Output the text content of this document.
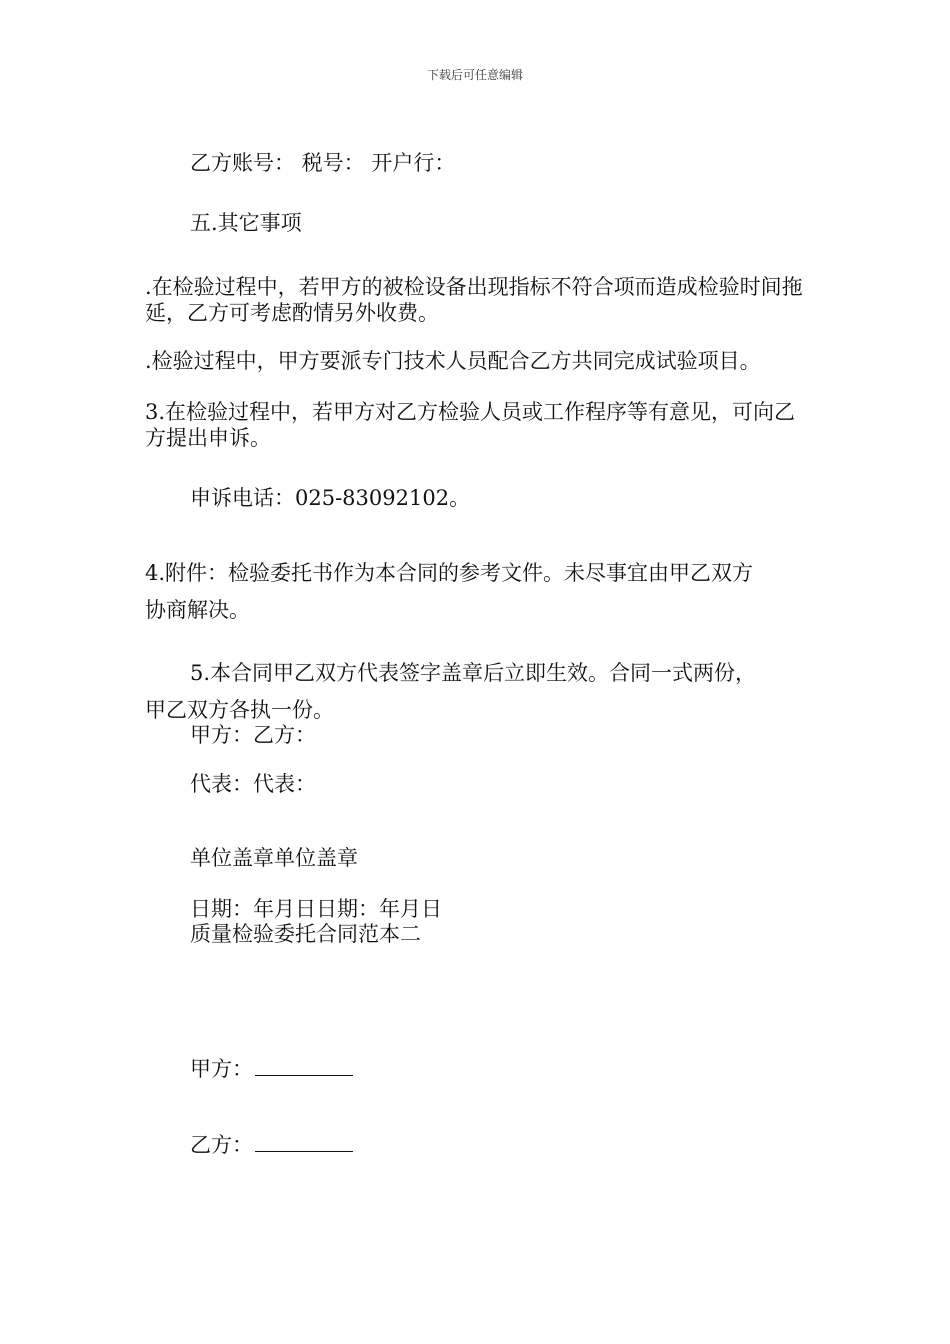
下载后可任意编辑
乙方账号： 税号： 开户行：
五.其它事项
.在检验过程中，若甲方的被检设备出现指标不符合项而造成检验时间拖延，乙方可考虑酌情另外收费。
.检验过程中，甲方要派专门技术人员配合乙方共同完成试验项目。
3.在检验过程中，若甲方对乙方检验人员或工作程序等有意见，可向乙方提出申诉。
申诉电话：025-83092102。
4.附件：检验委托书作为本合同的参考文件。未尽事宜由甲乙双方
协商解决。
5.本合同甲乙双方代表签字盖章后立即生效。合同一式两份，
甲乙双方各执一份。
甲方：乙方：
代表：代表：
单位盖章单位盖章
日期：年月日日期：年月日
质量检验委托合同范本二
甲方：
乙方：
